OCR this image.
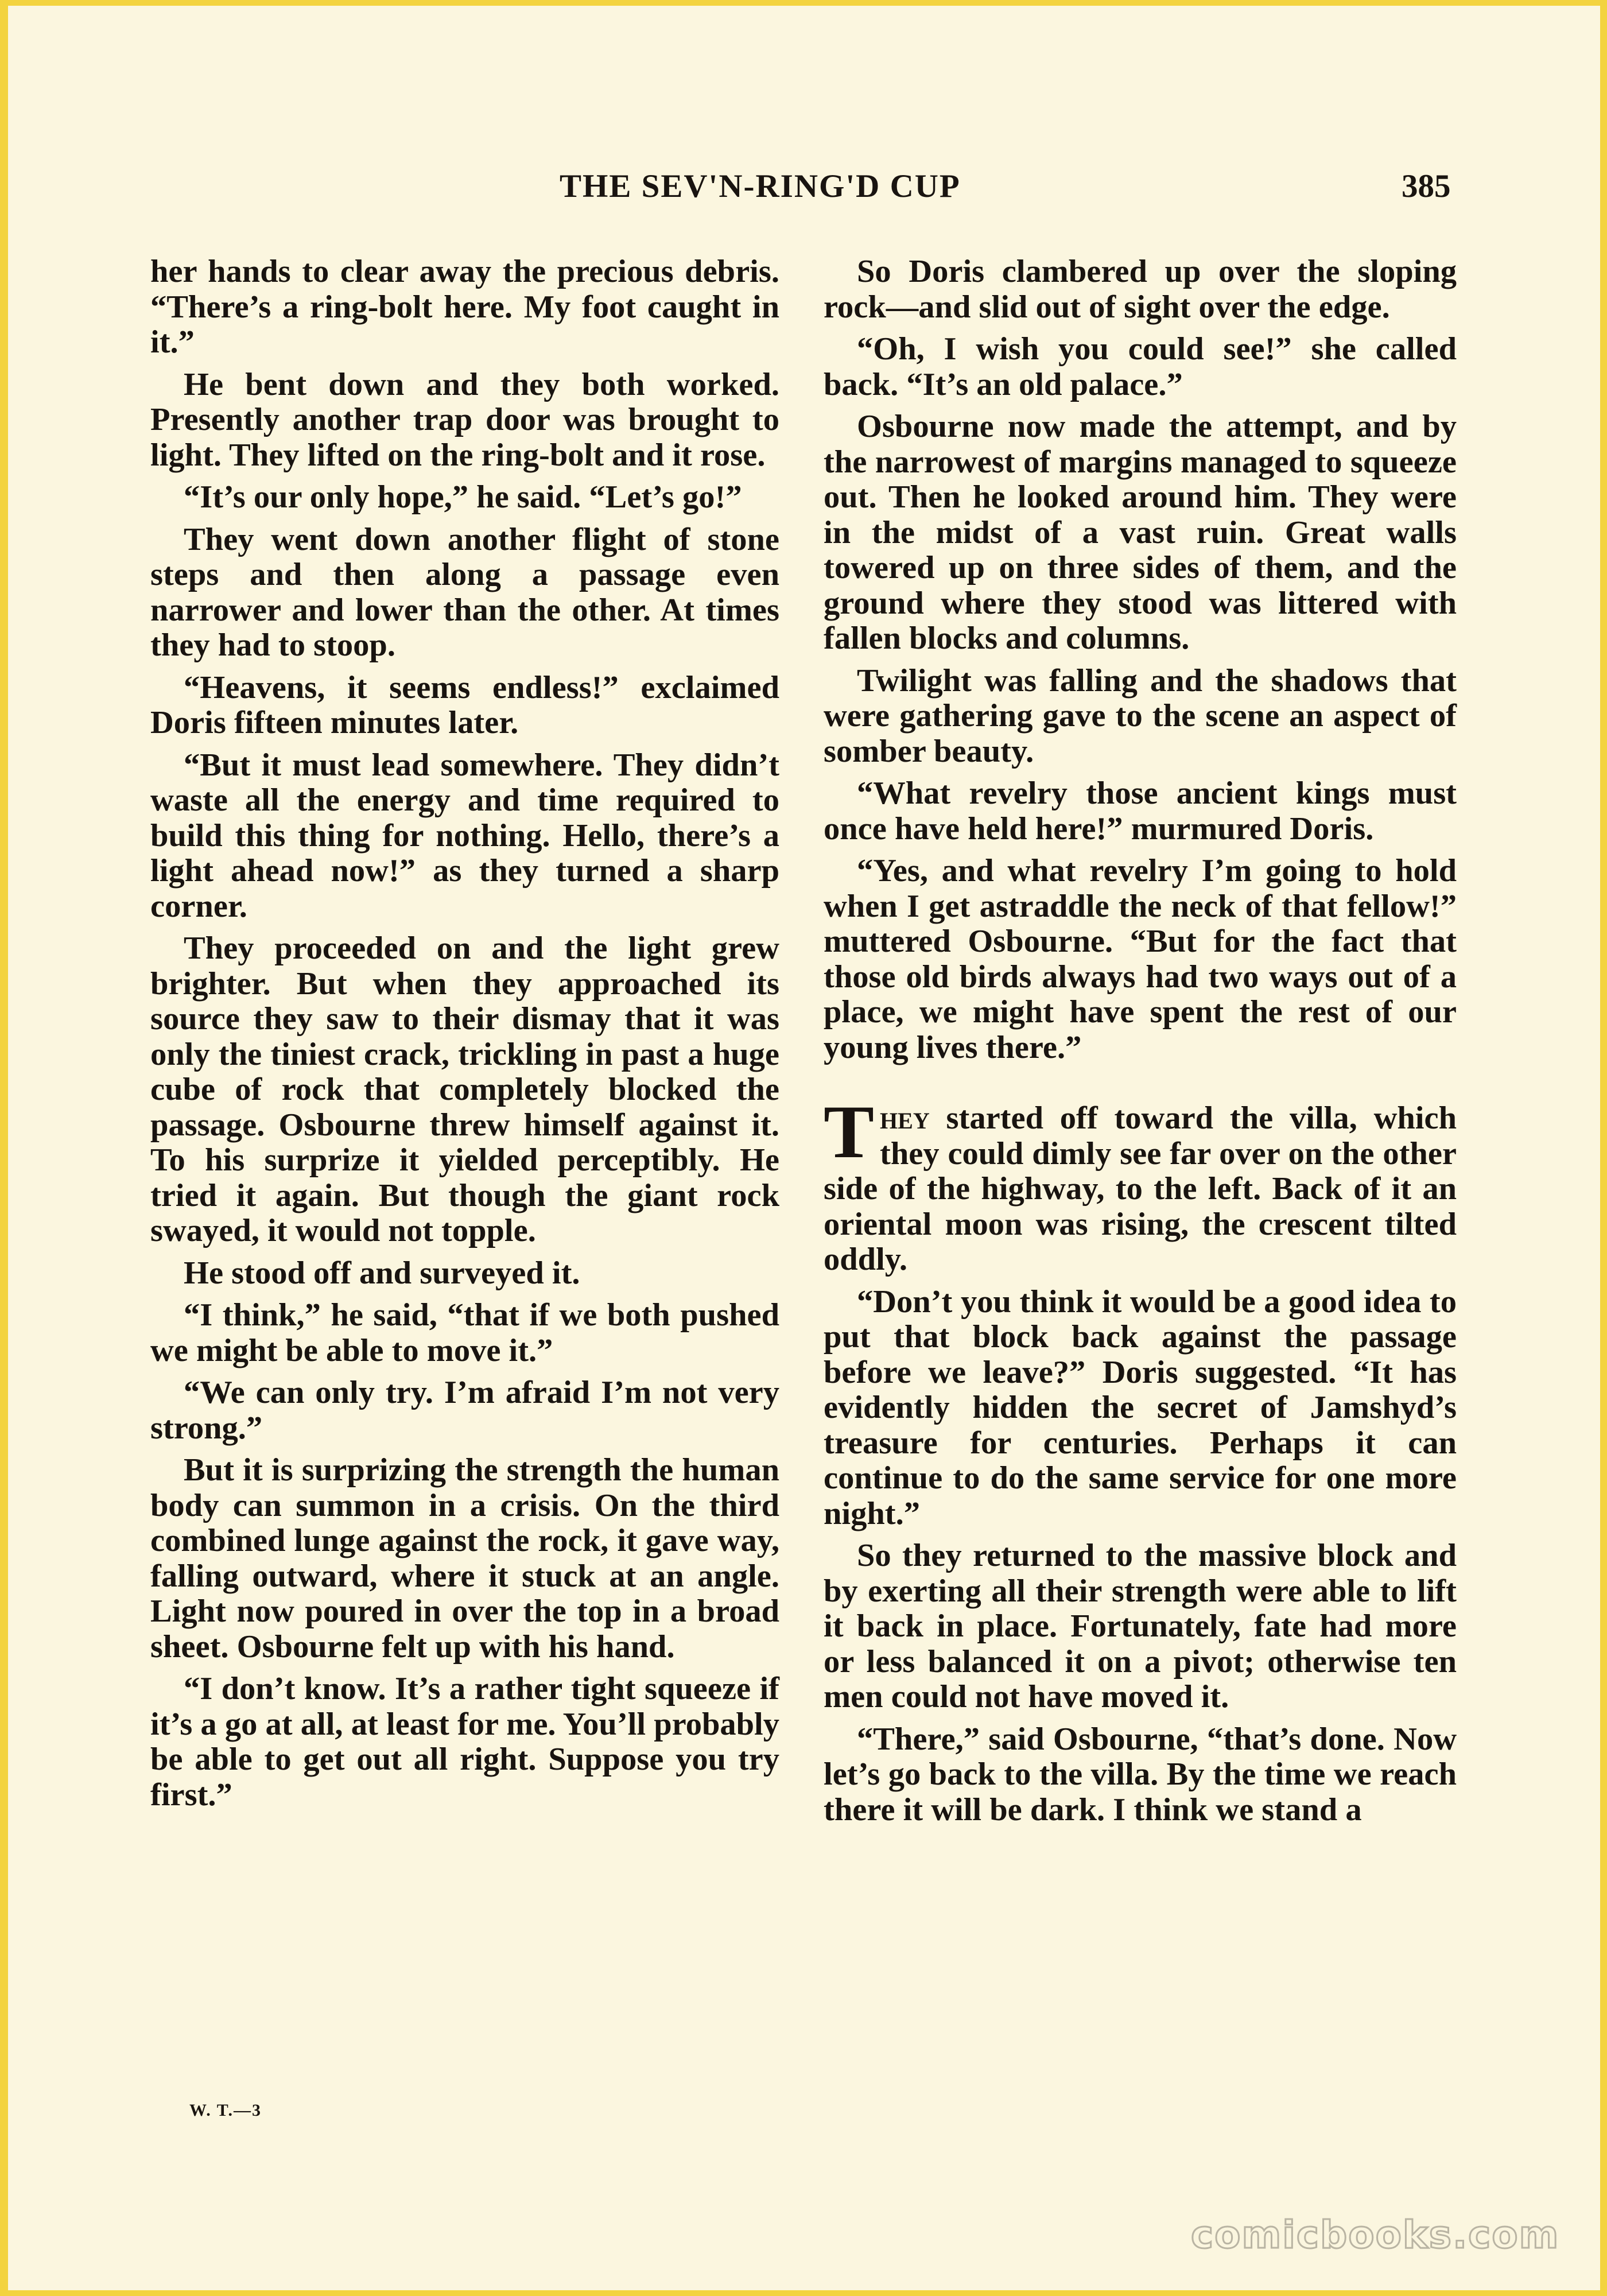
THE SEV'N-RING'D CUP	385

her hands to clear away the precious debris. “There’s a ring-bolt here. My foot caught in it.”

He bent down and they both worked. Presently another trap door was brought to light. They lifted on the ring-bolt and it rose.

“It’s our only hope,” he said. “Let’s go!”

They went down another flight of stone steps and then along a passage even narrower and lower than the other. At times they had to stoop.

“Heavens, it seems endless!” exclaimed Doris fifteen minutes later.

“But it must lead somewhere. They didn’t waste all the energy and time required to build this thing for nothing. Hello, there’s a light ahead now!” as they turned a sharp corner.

They proceeded on and the light grew brighter. But when they approached its source they saw to their dismay that it was only the tiniest crack, trickling in past a huge cube of rock that completely blocked the passage. Osbourne threw himself against it. To his surprize it yielded perceptibly. He tried it again. But though the giant rock swayed, it would not topple.

He stood off and surveyed it.

“I think,” he said, “that if we both pushed we might be able to move it.”

“We can only try. I’m afraid I’m not very strong.”

But it is surprizing the strength the human body can summon in a crisis. On the third combined lunge against the rock, it gave way, falling outward, where it stuck at an angle. Light now poured in over the top in a broad sheet. Osbourne felt up with his hand.

“I don’t know. It’s a rather tight squeeze if it’s a go at all, at least for me. You’ll probably be able to get out all right. Suppose you try first.”

So Doris clambered up over the sloping rock—and slid out of sight over the edge.

“Oh, I wish you could see!” she called back. “It’s an old palace.”

Osbourne now made the attempt, and by the narrowest of margins managed to squeeze out. Then he looked around him. They were in the midst of a vast ruin. Great walls towered up on three sides of them, and the ground where they stood was littered with fallen blocks and columns.

Twilight was falling and the shadows that were gathering gave to the scene an aspect of somber beauty.

“What revelry those ancient kings must once have held here!” murmured Doris.

“Yes, and what revelry I’m going to hold when I get astraddle the neck of that fellow!” muttered Osbourne. “But for the fact that those old birds always had two ways out of a place, we might have spent the rest of our young lives there.”

They started off toward the villa, which they could dimly see far over on the other side of the highway, to the left. Back of it an oriental moon was rising, the crescent tilted oddly.

“Don’t you think it would be a good idea to put that block back against the passage before we leave?” Doris suggested. “It has evidently hidden the secret of Jamshyd’s treasure for centuries. Perhaps it can continue to do the same service for one more night.”

So they returned to the massive block and by exerting all their strength were able to lift it back in place. Fortunately, fate had more or less balanced it on a pivot; otherwise ten men could not have moved it.

“There,” said Osbourne, “that’s done. Now let’s go back to the villa. By the time we reach there it will be dark. I think we stand a

W. T.—3
comicbooks.com
